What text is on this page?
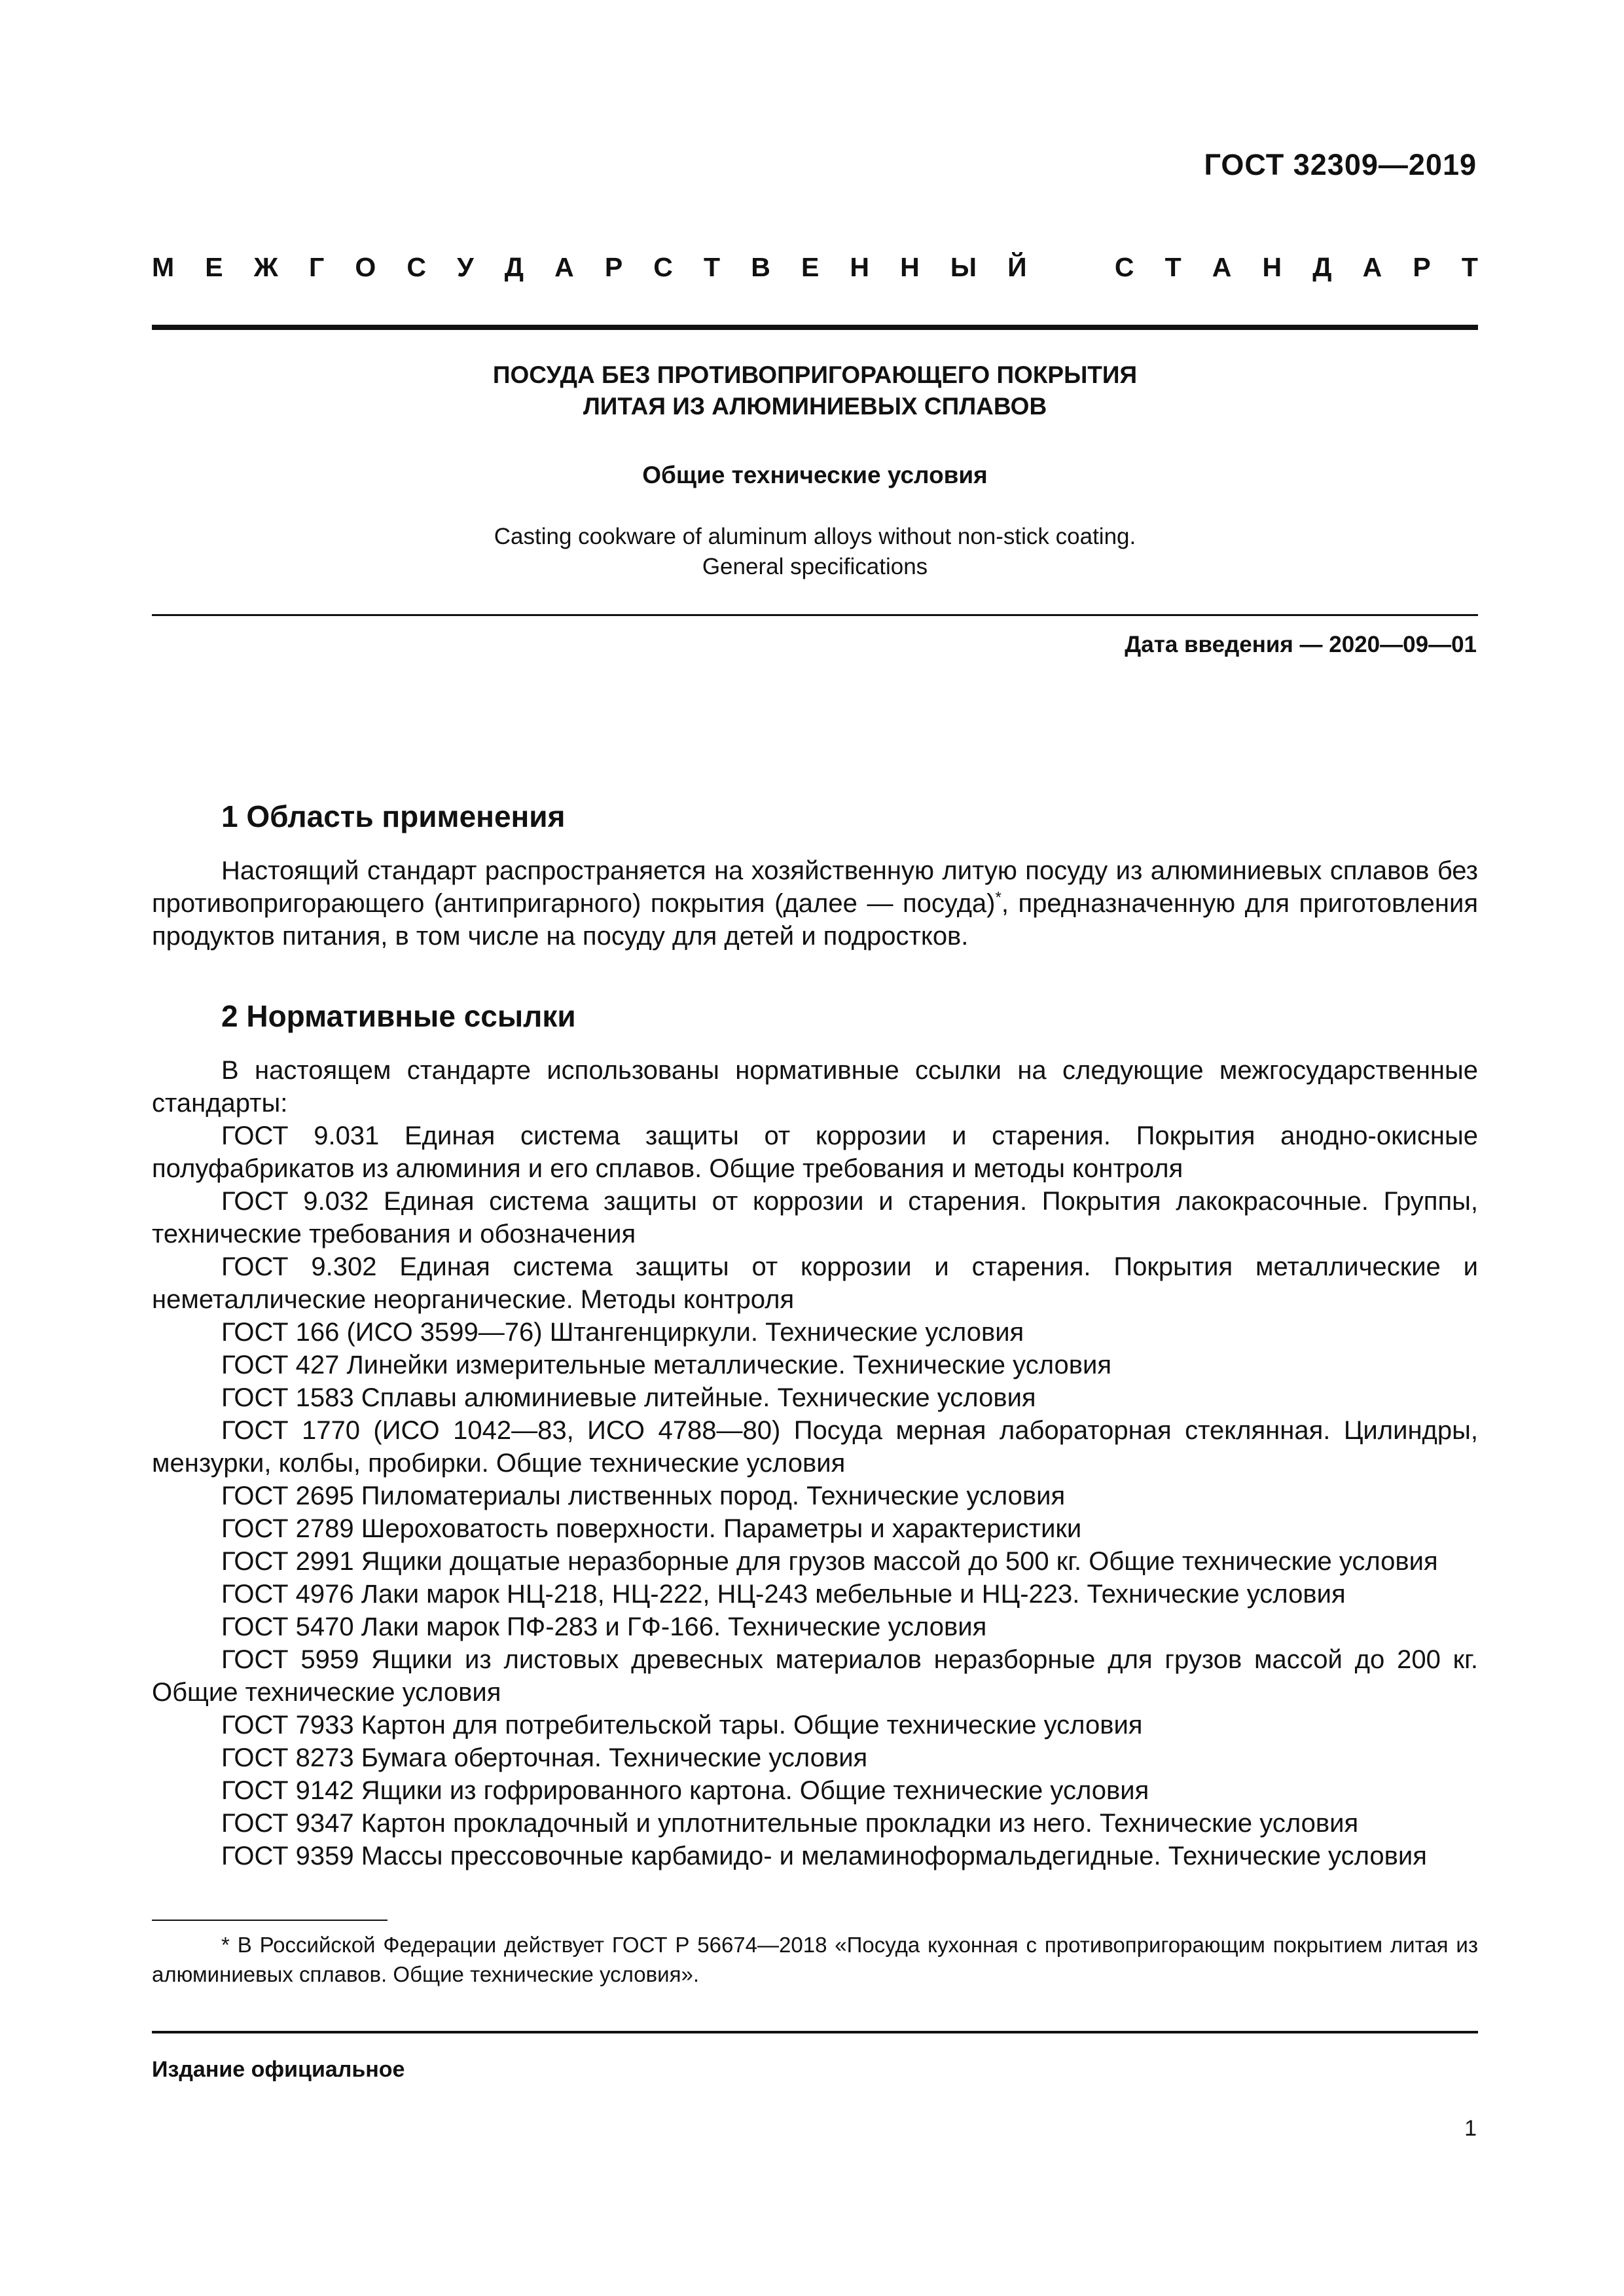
ГОСТ 32309—2019
М Е Ж Г О С У Д А Р С Т В Е Н Н Ы Й	С Т А Н Д А Р Т
ПОСУДА БЕЗ ПРОТИВОПРИГОРАЮЩЕГО ПОКРЫТИЯ
ЛИТАЯ ИЗ АЛЮМИНИЕВЫХ СПЛАВОВ
Общие технические условия
Casting cookware of aluminum alloys without non-stick coating.
General specifications
Дата введения — 2020—09—01
1 Область применения
Настоящий стандарт распространяется на хозяйственную литую посуду из алюминиевых сплавов без противопригорающего (антипригарного) покрытия (далее — посуда)*, предназначенную для приготовления продуктов питания, в том числе на посуду для детей и подростков.
2 Нормативные ссылки

В настоящем стандарте использованы нормативные ссылки на следующие межгосударственные стандарты:

ГОСТ 9.031 Единая система защиты от коррозии и старения. Покрытия анодно-окисные полуфабрикатов из алюминия и его сплавов. Общие требования и методы контроля

ГОСТ 9.032 Единая система защиты от коррозии и старения. Покрытия лакокрасочные. Группы, технические требования и обозначения

ГОСТ 9.302 Единая система защиты от коррозии и старения. Покрытия металлические и неметаллические неорганические. Методы контроля

ГОСТ 166 (ИСО 3599—76) Штангенциркули. Технические условия

ГОСТ 427 Линейки измерительные металлические. Технические условия

ГОСТ 1583 Сплавы алюминиевые литейные. Технические условия

ГОСТ 1770 (ИСО 1042—83, ИСО 4788—80) Посуда мерная лабораторная стеклянная. Цилиндры, мензурки, колбы, пробирки. Общие технические условия

ГОСТ 2695 Пиломатериалы лиственных пород. Технические условия

ГОСТ 2789 Шероховатость поверхности. Параметры и характеристики

ГОСТ 2991 Ящики дощатые неразборные для грузов массой до 500 кг. Общие технические условия

ГОСТ 4976 Лаки марок НЦ-218, НЦ-222, НЦ-243 мебельные и НЦ-223. Технические условия

ГОСТ 5470 Лаки марок ПФ-283 и ГФ-166. Технические условия

ГОСТ 5959 Ящики из листовых древесных материалов неразборные для грузов массой до 200 кг. Общие технические условия

ГОСТ 7933 Картон для потребительской тары. Общие технические условия

ГОСТ 8273 Бумага оберточная. Технические условия

ГОСТ 9142 Ящики из гофрированного картона. Общие технические условия

ГОСТ 9347 Картон прокладочный и уплотнительные прокладки из него. Технические условия

ГОСТ 9359 Массы прессовочные карбамидо- и меламиноформальдегидные. Технические условия

* В Российской Федерации действует ГОСТ Р 56674—2018 «Посуда кухонная с противопригорающим покрытием литая из алюминиевых сплавов. Общие технические условия».
Издание официальное
1
